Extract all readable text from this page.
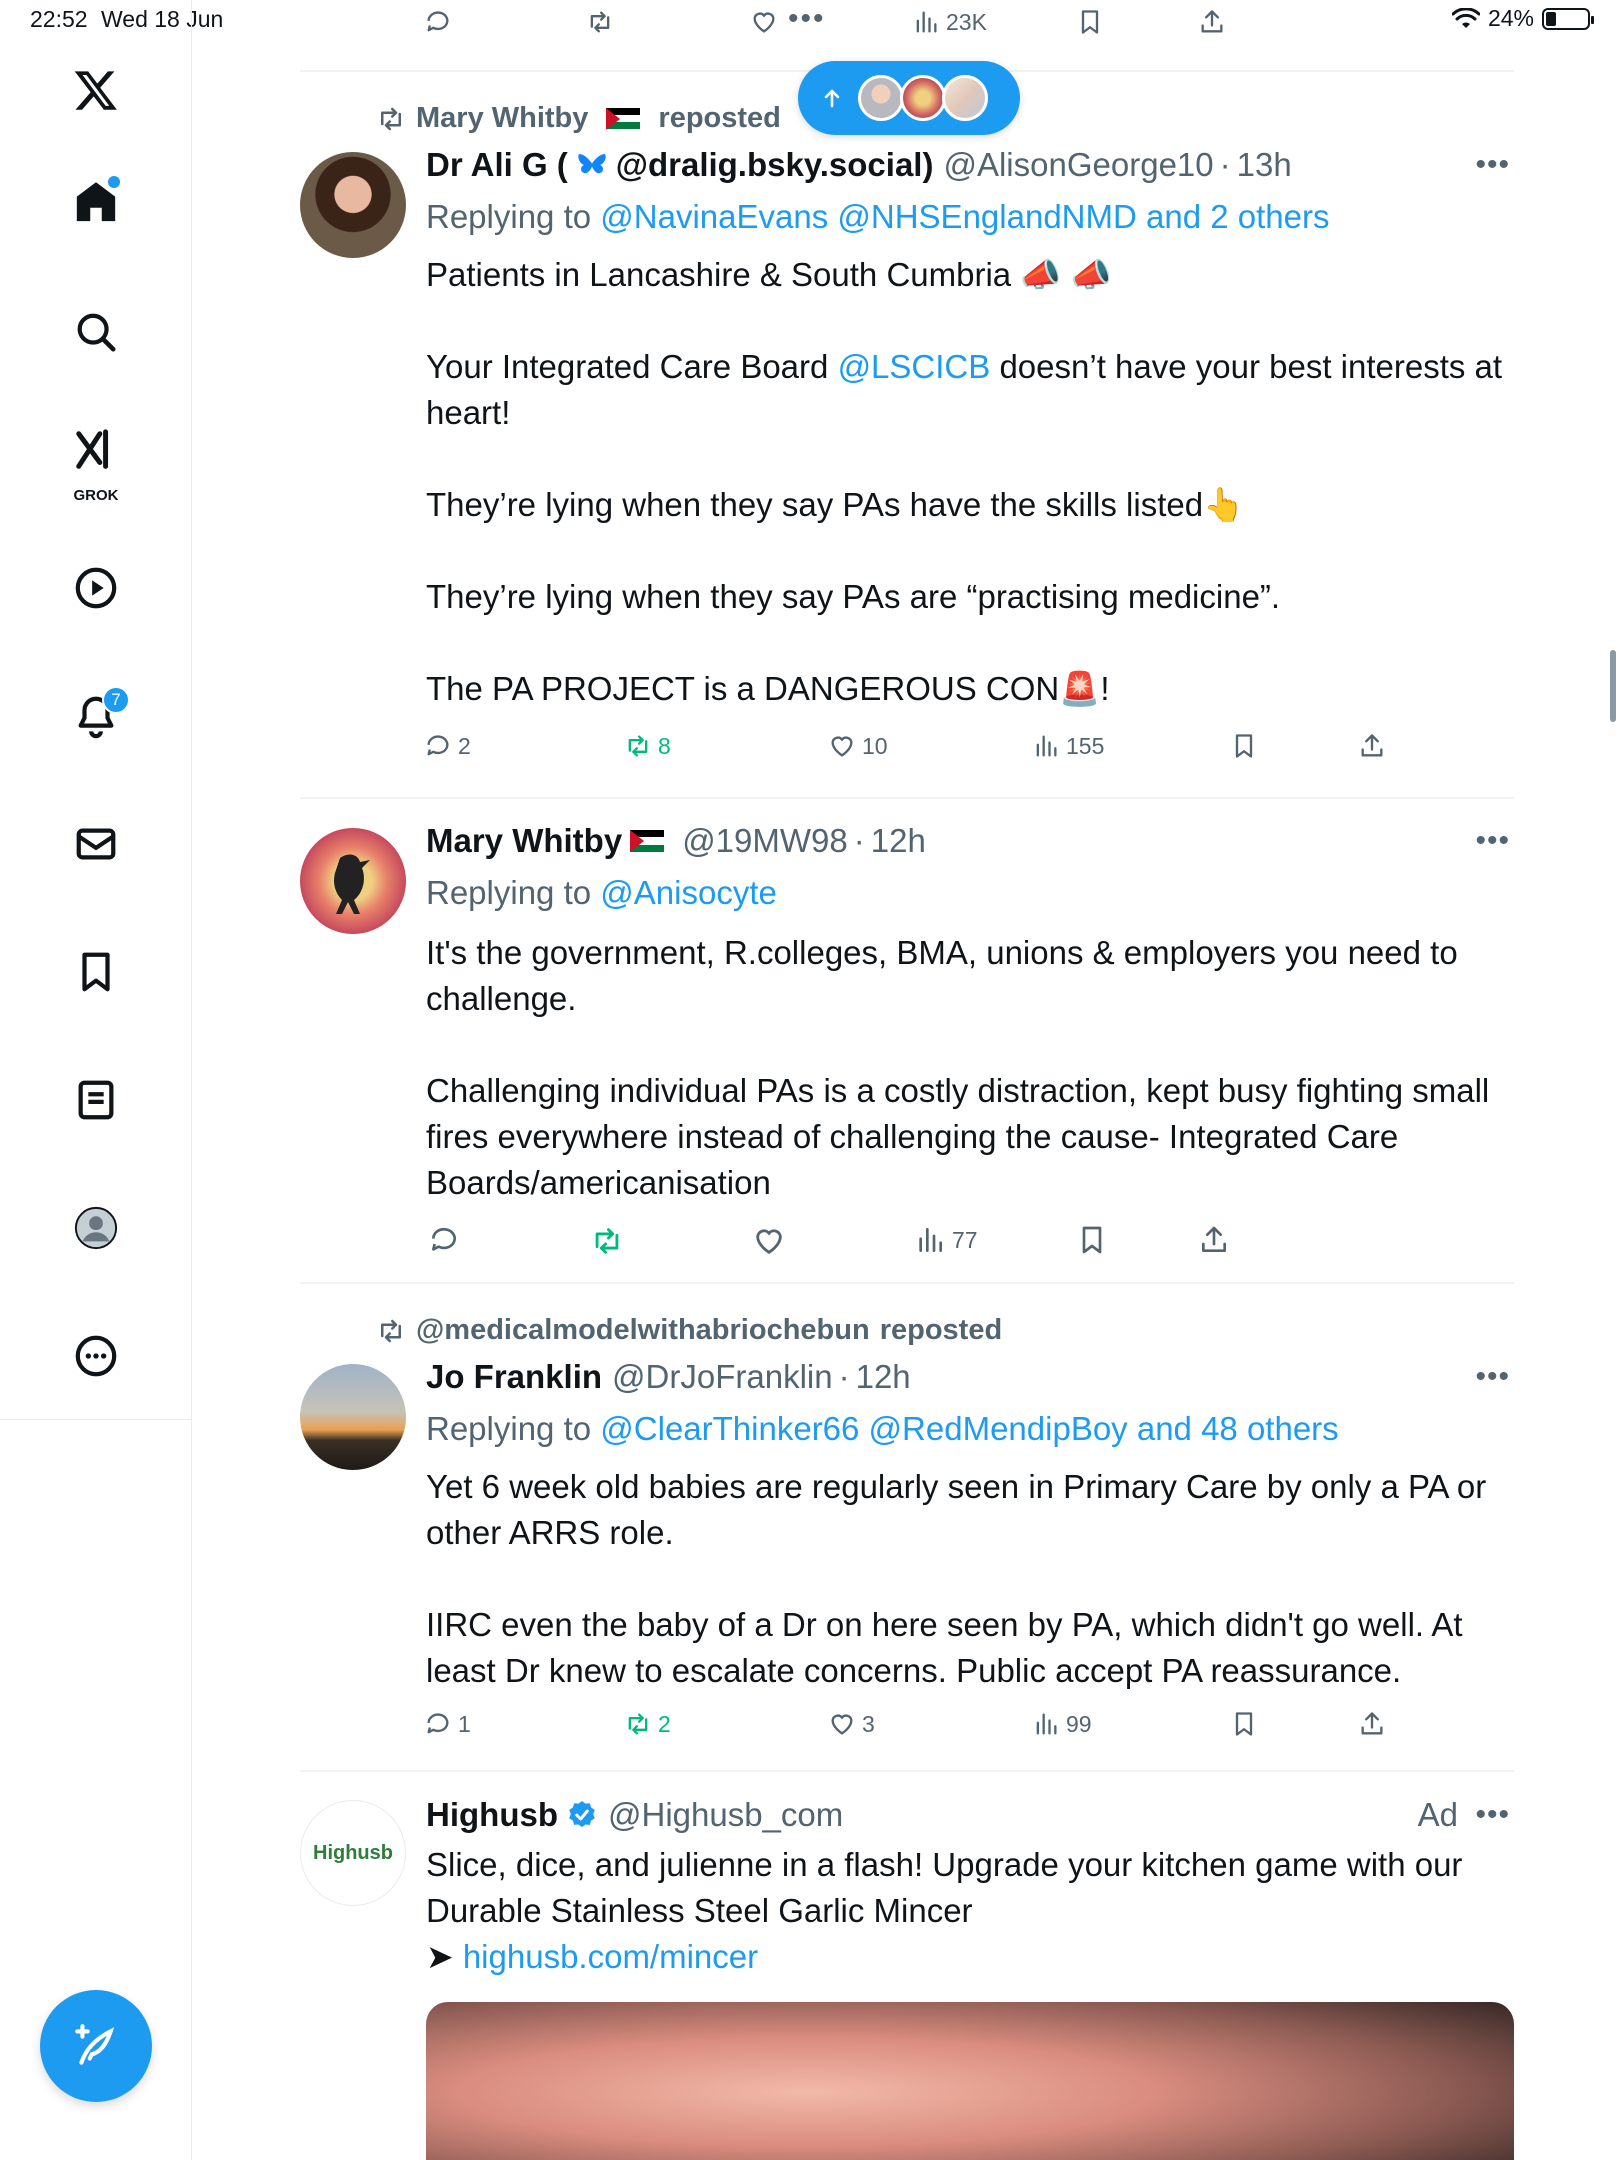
22:52 Wed 18 Jun	24%
GROK
7
•••	23K
Mary Whitby reposted
Dr Ali G ( @dralig.bsky.social) @AlisonGeorge10 · 13h	•••
Replying to @NavinaEvans @NHSEnglandNMD and 2 others

Patients in Lancashire & South Cumbria 📣 📣

Your Integrated Care Board @LSCICB doesn’t have your best interests at heart!

They’re lying when they say PAs have the skills listed👆

They’re lying when they say PAs are “practising medicine”.

The PA PROJECT is a DANGEROUS CON🚨!

2	8	10	155
Mary Whitby @19MW98 · 12h	•••
Replying to @Anisocyte

It's the government, R.colleges, BMA, unions & employers you need to challenge.

Challenging individual PAs is a costly distraction, kept busy fighting small fires everywhere instead of challenging the cause- Integrated Care Boards/americanisation

77
@medicalmodelwithabriochebun reposted
Jo Franklin @DrJoFranklin · 12h	•••
Replying to @ClearThinker66 @RedMendipBoy and 48 others

Yet 6 week old babies are regularly seen in Primary Care by only a PA or other ARRS role.

IIRC even the baby of a Dr on here seen by PA, which didn't go well. At least Dr knew to escalate concerns. Public accept PA reassurance.

1	2	3	99
Highusb
Highusb @Highusb_com	Ad •••

Slice, dice, and julienne in a flash! Upgrade your kitchen game with our Durable Stainless Steel Garlic Mincer

➤ highusb.com/mincer
